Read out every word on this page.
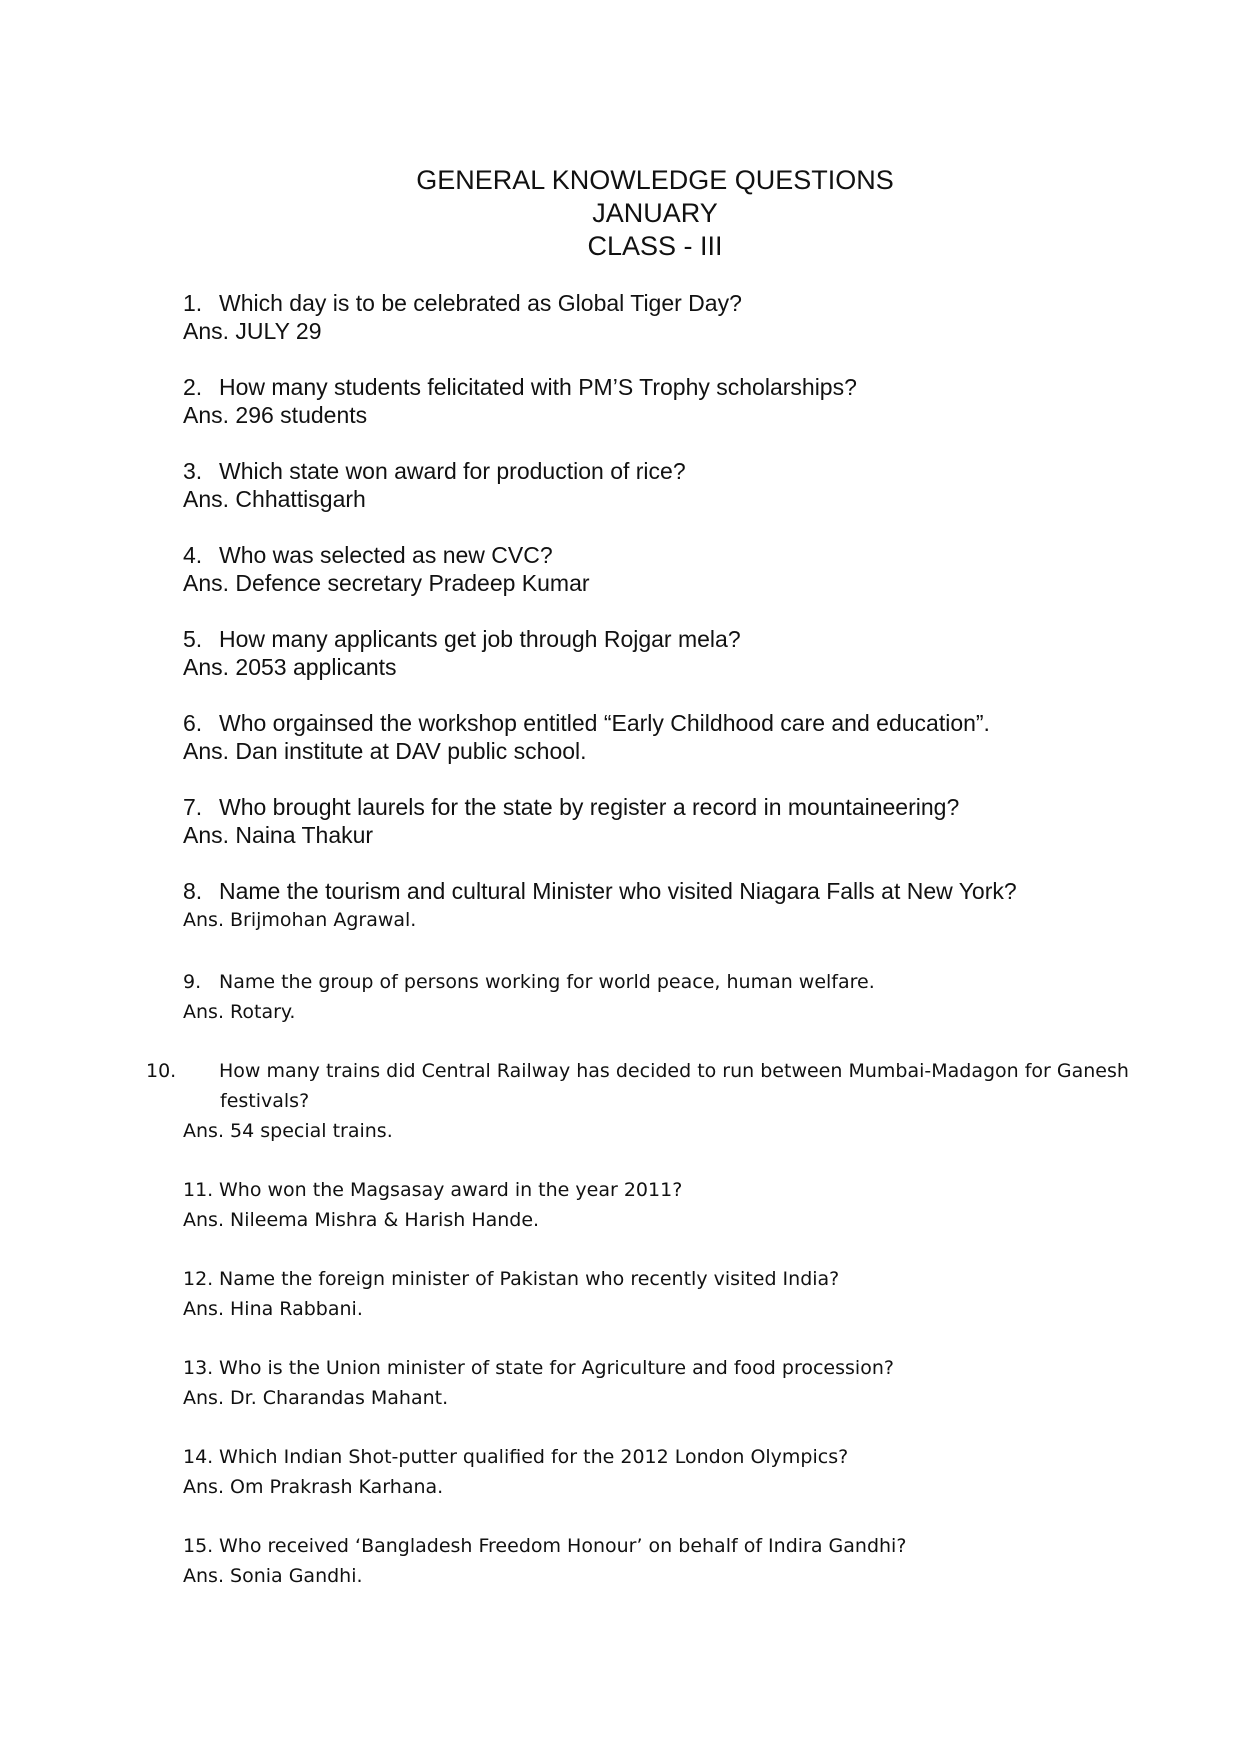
GENERAL KNOWLEDGE QUESTIONS
JANUARY
CLASS - III
1. Which day is to be celebrated as Global Tiger Day?
Ans. JULY 29
2. How many students felicitated with PM’S Trophy scholarships?
Ans. 296 students
3. Which state won award for production of rice?
Ans. Chhattisgarh
4. Who was selected as new CVC?
Ans. Defence secretary Pradeep Kumar
5. How many applicants get job through Rojgar mela?
Ans. 2053 applicants
6. Who orgainsed the workshop entitled “Early Childhood care and education”.
Ans. Dan institute at DAV public school.
7. Who brought laurels for the state by register a record in mountaineering?
Ans. Naina Thakur
8. Name the tourism and cultural Minister who visited Niagara Falls at New York?
Ans. Brijmohan Agrawal.
9. Name the group of persons working for world peace, human welfare.
Ans. Rotary.
10. How many trains did Central Railway has decided to run between Mumbai-Madagon for Ganesh festivals?
Ans. 54 special trains.
11. Who won the Magsasay award in the year 2011?
Ans. Nileema Mishra & Harish Hande.
12. Name the foreign minister of Pakistan who recently visited India?
Ans. Hina Rabbani.
13. Who is the Union minister of state for Agriculture and food procession?
Ans. Dr. Charandas Mahant.
14. Which Indian Shot-putter qualified for the 2012 London Olympics?
Ans. Om Prakrash Karhana.
15. Who received ‘Bangladesh Freedom Honour’ on behalf of Indira Gandhi?
Ans. Sonia Gandhi.
